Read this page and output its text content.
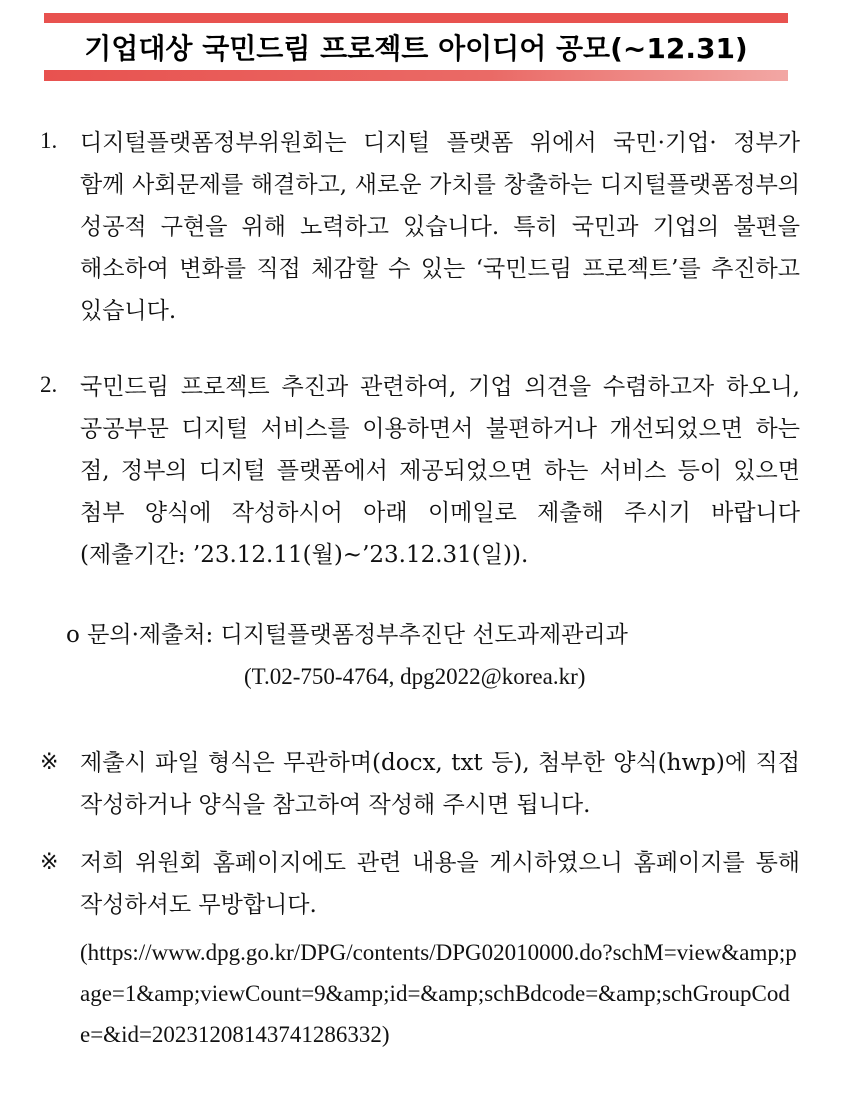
기업대상 국민드림 프로젝트 아이디어 공모(~12.31)
1. 디지털플랫폼정부위원회는 디지털 플랫폼 위에서 국민·기업· 정부가 함께 사회문제를 해결하고, 새로운 가치를 창출하는 디지털플랫폼정부의 성공적 구현을 위해 노력하고 있습니다. 특히 국민과 기업의 불편을 해소하여 변화를 직접 체감할 수 있는 ‘국민드림 프로젝트’를 추진하고 있습니다.

2. 국민드림 프로젝트 추진과 관련하여, 기업 의견을 수렴하고자 하오니, 공공부문 디지털 서비스를 이용하면서 불편하거나 개선되었으면 하는 점, 정부의 디지털 플랫폼에서 제공되었으면 하는 서비스 등이 있으면 첨부 양식에 작성하시어 아래 이메일로 제출해 주시기 바랍니다(제출기간: ’23.12.11(월)~’23.12.31(일)).

o 문의·제출처: 디지털플랫폼정부추진단 선도과제관리과
(T.02-750-4764, dpg2022@korea.kr)
※ 제출시 파일 형식은 무관하며(docx, txt 등), 첨부한 양식(hwp)에 직접 작성하거나 양식을 참고하여 작성해 주시면 됩니다.

※ 저희 위원회 홈페이지에도 관련 내용을 게시하였으니 홈페이지를 통해 작성하셔도 무방합니다.

(https://www.dpg.go.kr/DPG/contents/DPG02010000.do?schM=view&amp;page=1&amp;viewCount=9&amp;id=&amp;schBdcode=&amp;schGroupCode=&id=20231208143741286332)
